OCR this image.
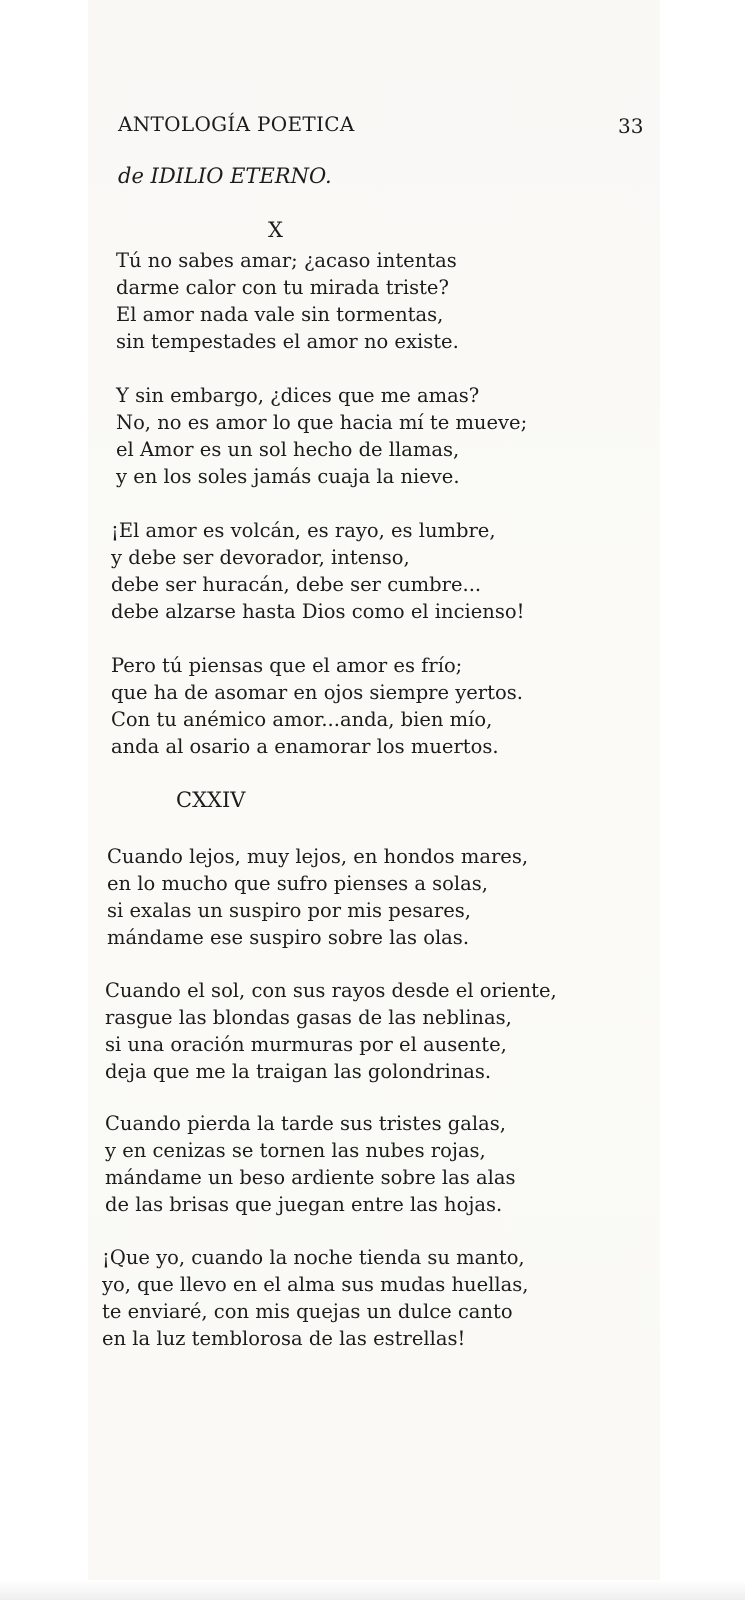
ANTOLOGÍA POETICA	33

de IDILIO ETERNO.

X

Tú no sabes amar; ¿acaso intentas
darme calor con tu mirada triste?
El amor nada vale sin tormentas,
sin tempestades el amor no existe.

Y sin embargo, ¿dices que me amas?
No, no es amor lo que hacia mí te mueve;
el Amor es un sol hecho de llamas,
y en los soles jamás cuaja la nieve.

¡El amor es volcán, es rayo, es lumbre,
y debe ser devorador, intenso,
debe ser huracán, debe ser cumbre...
debe alzarse hasta Dios como el incienso!

Pero tú piensas que el amor es frío;
que ha de asomar en ojos siempre yertos.
Con tu anémico amor...anda, bien mío,
anda al osario a enamorar los muertos.

CXXIV

Cuando lejos, muy lejos, en hondos mares,
en lo mucho que sufro pienses a solas,
si exalas un suspiro por mis pesares,
mándame ese suspiro sobre las olas.

Cuando el sol, con sus rayos desde el oriente,
rasgue las blondas gasas de las neblinas,
si una oración murmuras por el ausente,
deja que me la traigan las golondrinas.

Cuando pierda la tarde sus tristes galas,
y en cenizas se tornen las nubes rojas,
mándame un beso ardiente sobre las alas
de las brisas que juegan entre las hojas.

¡Que yo, cuando la noche tienda su manto,
yo, que llevo en el alma sus mudas huellas,
te enviaré, con mis quejas un dulce canto
en la luz temblorosa de las estrellas!
